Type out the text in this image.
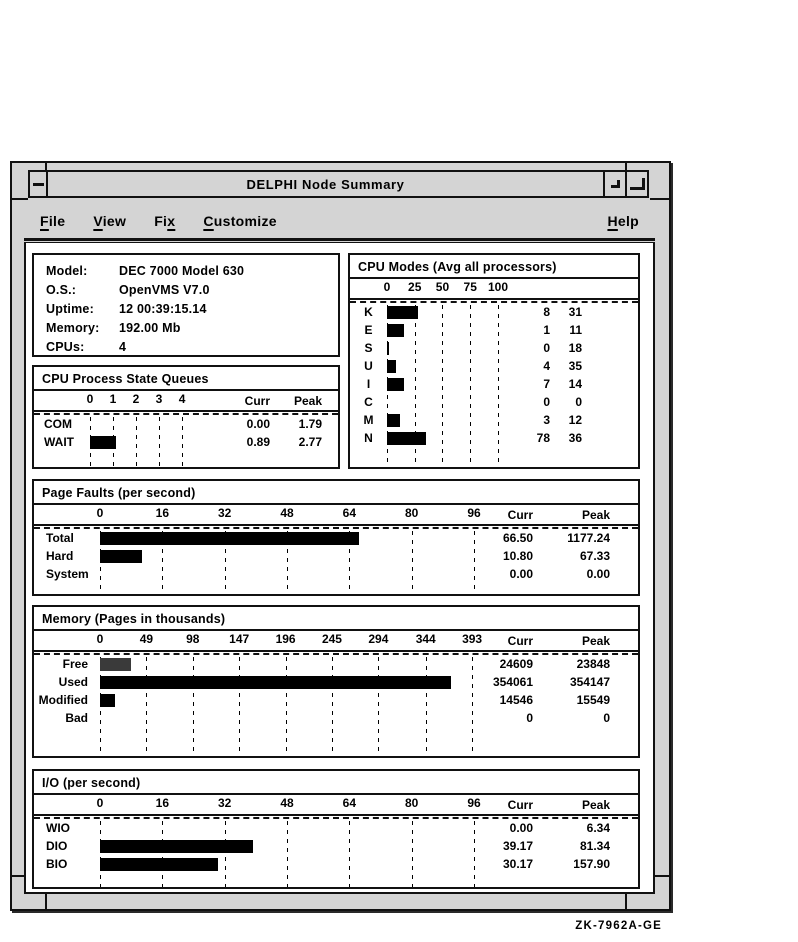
DELPHI Node Summary
File View Fix Customize	Help
Model:	DEC 7000 Model 630
O.S.:	OpenVMS V7.0
Uptime:	12 00:39:15.14
Memory:	192.00 Mb
CPUs:	4
CPU Process State Queues
0 1 2 3 4	Curr	Peak
COM	0.00	1.79
WAIT	0.89	2.77
CPU Modes (Avg all processors)
0 25 50 75 100
K	8	31
E	1	11
S	0	18
U	4	35
I	7	14
C	0	0
M	3	12
N	78	36
Page Faults (per second)
0	16	32	48	64	80	96	Curr	Peak
Total	66.50	1177.24
Hard	10.80	67.33
System	0.00	0.00
Memory (Pages in thousands)
0	49	98 147 196 245 294 344 393	Curr	Peak
Free	24609	23848
Used	354061	354147
Modified	14546	15549
Bad	0	0
I/O (per second)
0	16	32	48	64	80	96	Curr	Peak
WIO	0.00	6.34
DIO	39.17	81.34
BIO	30.17	157.90
ZK-7962A-GE
